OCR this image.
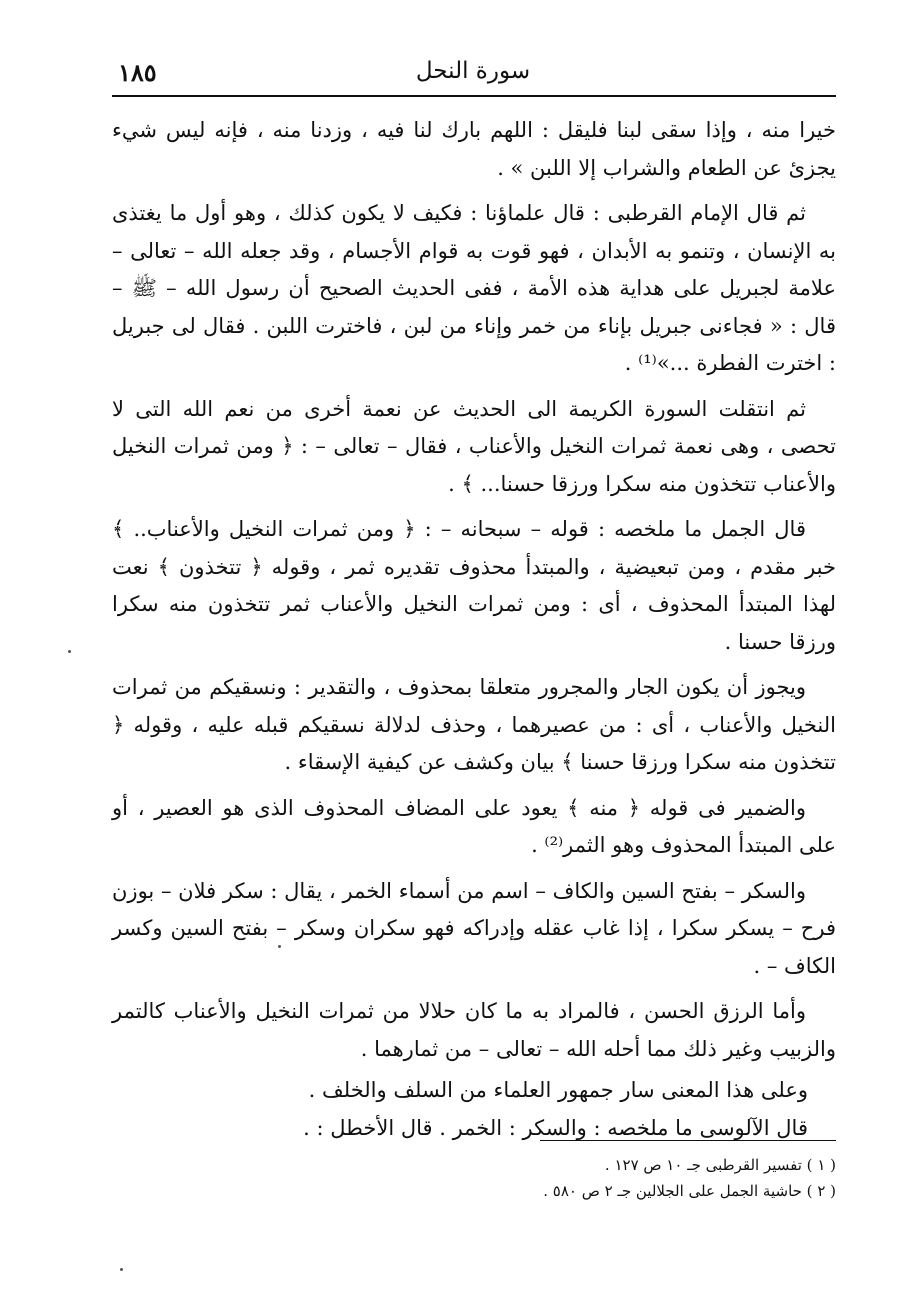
١٨٥	سورة النحل

خيرا منه ، وإذا سقى لبنا فليقل : اللهم بارك لنا فيه ، وزدنا منه ، فإنه ليس شيء يجزئ عن الطعام والشراب إلا اللبن » .

ثم قال الإمام القرطبى : قال علماؤنا : فكيف لا يكون كذلك ، وهو أول ما يغتذى به الإنسان ، وتنمو به الأبدان ، فهو قوت به قوام الأجسام ، وقد جعله الله – تعالى – علامة لجبريل على هداية هذه الأمة ، ففى الحديث الصحيح أن رسول الله – ﷺ – قال : « فجاءنى جبريل بإناء من خمر وإناء من لبن ، فاخترت اللبن . فقال لى جبريل : اخترت الفطرة ...»⁽¹⁾ .

ثم انتقلت السورة الكريمة الى الحديث عن نعمة أخرى من نعم الله التى لا تحصى ، وهى نعمة ثمرات النخيل والأعناب ، فقال – تعالى – : ﴿ ومن ثمرات النخيل والأعناب تتخذون منه سكرا ورزقا حسنا... ﴾ .

قال الجمل ما ملخصه : قوله – سبحانه – : ﴿ ومن ثمرات النخيل والأعناب.. ﴾ خبر مقدم ، ومن تبعيضية ، والمبتدأ محذوف تقديره ثمر ، وقوله ﴿ تتخذون ﴾ نعت لهذا المبتدأ المحذوف ، أى : ومن ثمرات النخيل والأعناب ثمر تتخذون منه سكرا ورزقا حسنا .

ويجوز أن يكون الجار والمجرور متعلقا بمحذوف ، والتقدير : ونسقيكم من ثمرات النخيل والأعناب ، أى : من عصيرهما ، وحذف لدلالة نسقيكم قبله عليه ، وقوله ﴿ تتخذون منه سكرا ورزقا حسنا ﴾ بيان وكشف عن كيفية الإسقاء .

والضمير فى قوله ﴿ منه ﴾ يعود على المضاف المحذوف الذى هو العصير ، أو على المبتدأ المحذوف وهو الثمر⁽²⁾ .

والسكر – بفتح السين والكاف – اسم من أسماء الخمر ، يقال : سكر فلان – بوزن فرح – يسكر سكرا ، إذا غاب عقله وإدراكه فهو سكران وسكر – بفتح السين وكسر الكاف – .

وأما الرزق الحسن ، فالمراد به ما كان حلالا من ثمرات النخيل والأعناب كالتمر والزبيب وغير ذلك مما أحله الله – تعالى – من ثمارهما .

وعلى هذا المعنى سار جمهور العلماء من السلف والخلف .

قال الآلوسى ما ملخصه : والسكر : الخمر . قال الأخطل : .

( ١ ) تفسير القرطبى جـ ١٠ ص ١٢٧ .

( ٢ ) حاشية الجمل على الجلالين جـ ٢ ص ٥٨٠ .
